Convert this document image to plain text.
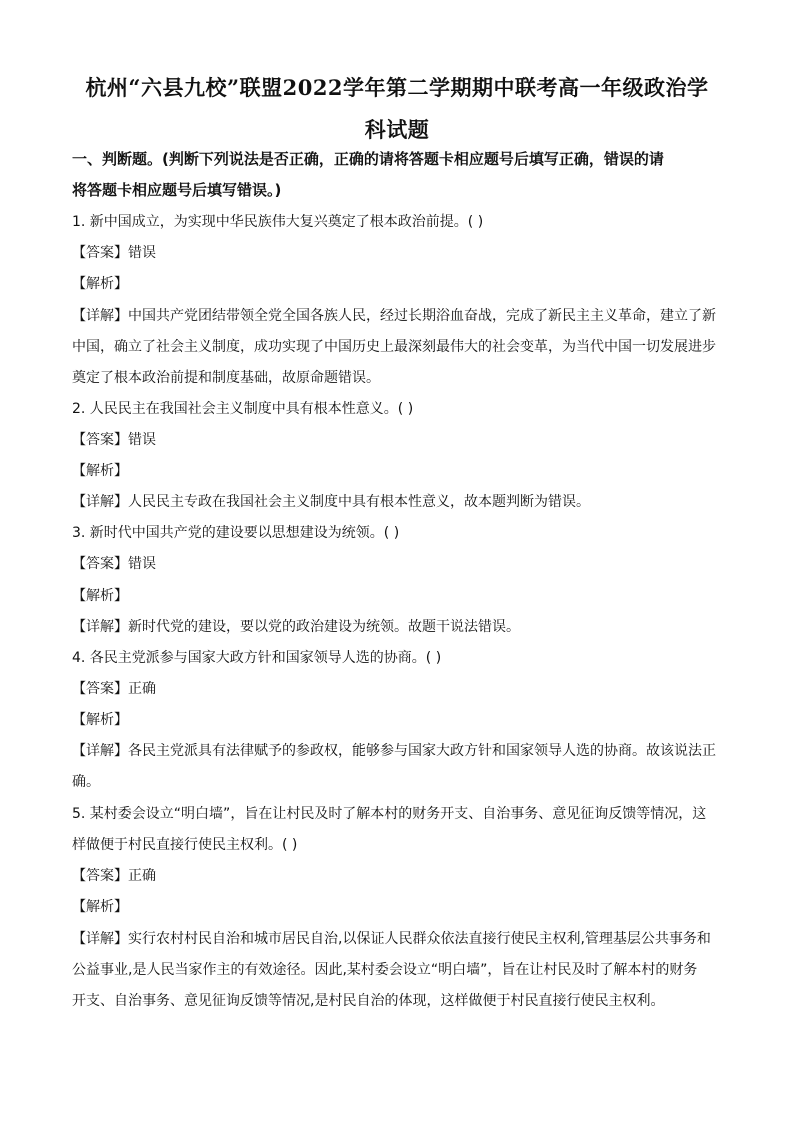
杭州“六县九校”联盟2022学年第二学期期中联考高一年级政治学
科试题
一、判断题。(判断下列说法是否正确，正确的请将答题卡相应题号后填写正确，错误的请
将答题卡相应题号后填写错误。)
1. 新中国成立，为实现中华民族伟大复兴奠定了根本政治前提。( )
【答案】错误
【解析】
【详解】中国共产党团结带领全党全国各族人民，经过长期浴血奋战，完成了新民主主义革命，建立了新
中国，确立了社会主义制度，成功实现了中国历史上最深刻最伟大的社会变革，为当代中国一切发展进步
奠定了根本政治前提和制度基础，故原命题错误。
2. 人民民主在我国社会主义制度中具有根本性意义。( )
【答案】错误
【解析】
【详解】人民民主专政在我国社会主义制度中具有根本性意义，故本题判断为错误。
3. 新时代中国共产党的建设要以思想建设为统领。( )
【答案】错误
【解析】
【详解】新时代党的建设，要以党的政治建设为统领。故题干说法错误。
4. 各民主党派参与国家大政方针和国家领导人选的协商。( )
【答案】正确
【解析】
【详解】各民主党派具有法律赋予的参政权，能够参与国家大政方针和国家领导人选的协商。故该说法正
确。
5. 某村委会设立“明白墙”，旨在让村民及时了解本村的财务开支、自治事务、意见征询反馈等情况，这
样做便于村民直接行使民主权利。( )
【答案】正确
【解析】
【详解】实行农村村民自治和城市居民自治,以保证人民群众依法直接行使民主权利,管理基层公共事务和
公益事业,是人民当家作主的有效途径。因此,某村委会设立“明白墙”，旨在让村民及时了解本村的财务
开支、自治事务、意见征询反馈等情况,是村民自治的体现，这样做便于村民直接行使民主权利。
